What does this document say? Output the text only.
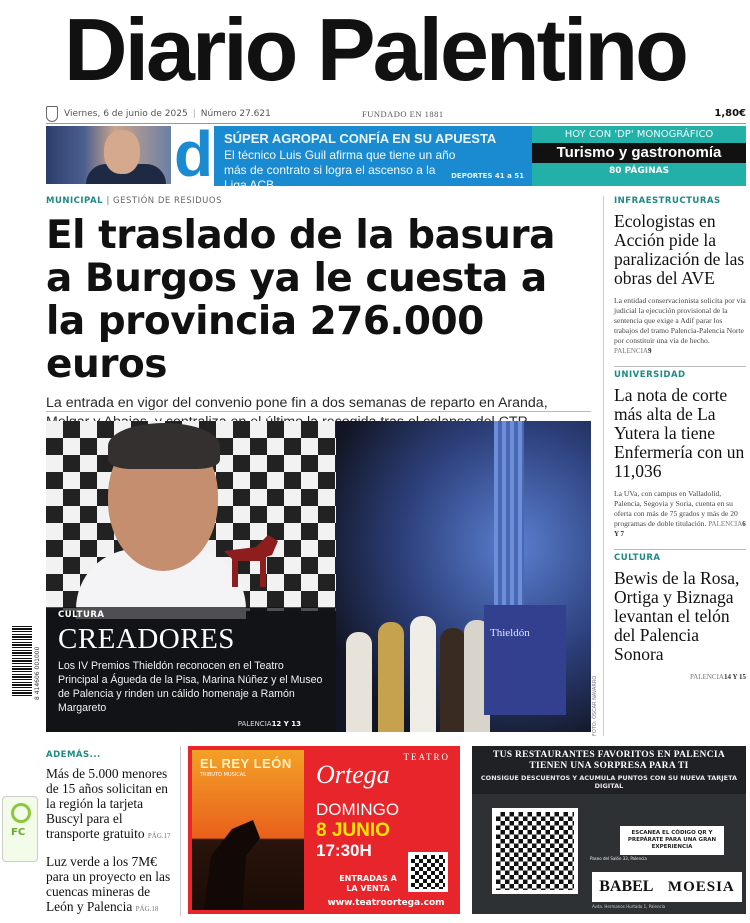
Diario Palentino
Viernes, 6 de junio de 2025 | Número 27.621	FUNDADO EN 1881	1,80€
d SÚPER AGROPAL CONFÍA EN SU APUESTA
El técnico Luis Guil afirma que tiene un año más de contrato si logra el ascenso a la Liga ACB
DEPORTES 41 a 51
HOY CON 'DP' MONOGRÁFICO
Turismo y gastronomía
80 PÁGINAS
MUNICIPAL | GESTIÓN DE RESIDUOS
El traslado de la basura a Burgos ya le cuesta a la provincia 276.000 euros
La entrada en vigor del convenio pone fin a dos semanas de reparto en Aranda,
INFRAESTRUCTURAS
Ecologistas en Acción pide la paralización de las obras del AVE
La entidad conservacionista solicita por vía judicial la ejecución provisional de la sentencia que exige a Adif parar los trabajos del tramo Palencia-Palencia Norte por constituir una vía de hecho. PALENCIA9
UNIVERSIDAD
La nota de corte más alta de La Yutera la tiene Enfermería con un 11,036
La UVa, con campus en Valladolid, Palencia, Segovia y Soria, cuenta en su oferta con más de 75 grados y más de 20 programas de doble titulación. PALENCIA6 Y 7
CULTURA
Bewis de la Rosa, Ortiga y Biznaga levantan el telón del Palencia Sonora
PALENCIA14 Y 15
Thieldón
CULTURA
CREADORES
Los IV Premios Thieldón reconocen en el Teatro Principal a Águeda de la Pisa, Marina Núñez y el Museo de Palencia y rinden un cálido homenaje a Ramón Margareto
PALENCIA12 Y 13	FOTO: ÓSCAR NAVARRO
8 414606 001000
FC
ADEMÁS...
Más de 5.000 menores de 15 años solicitan en la región la tarjeta Buscyl para el transporte gratuito PÁG.17
Luz verde a los 7M€ para un proyecto en las cuencas mineras de León y Palencia PÁG.18
EL REY LEÓN
TRIBUTO MUSICAL
TEATRO
Ortega
DOMINGO
8 JUNIO
17:30H
ENTRADAS A LA VENTA
www.teatroortega.com
TUS RESTAURANTES FAVORITOS EN PALENCIA TIENEN UNA SORPRESA PARA TI
CONSIGUE DESCUENTOS Y ACUMULA PUNTOS CON SU NUEVA TARJETA DIGITAL
ESCANEA EL CÓDIGO QR Y PREPÁRATE PARA UNA GRAN EXPERIENCIA
Paseo del Salón 33, Palencia
BABEL MOESIA
Avda. Hermanos Hurtado 1, Palencia
